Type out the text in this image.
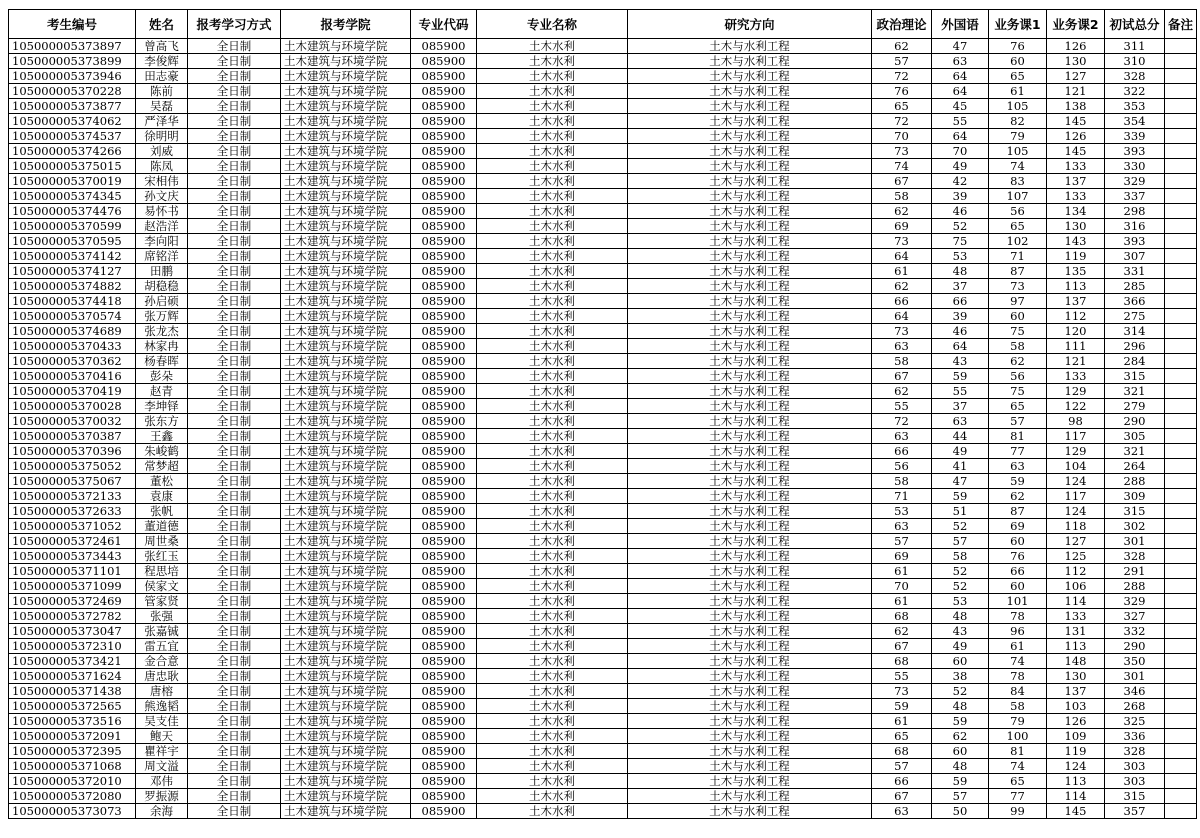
考生编号	姓名	报考学习方式	报考学院	专业代码	专业名称	研究方向	政治理论	外国语	业务课1	业务课2	初试总分	备注
105000005373897	曾高飞	全日制	土木建筑与环境学院	085900	土木水利	土木与水利工程	62	47	76	126	311	
105000005373899	李俊辉	全日制	土木建筑与环境学院	085900	土木水利	土木与水利工程	57	63	60	130	310	
105000005373946	田志豪	全日制	土木建筑与环境学院	085900	土木水利	土木与水利工程	72	64	65	127	328	
105000005370228	陈前	全日制	土木建筑与环境学院	085900	土木水利	土木与水利工程	76	64	61	121	322	
105000005373877	吴磊	全日制	土木建筑与环境学院	085900	土木水利	土木与水利工程	65	45	105	138	353	
105000005374062	严泽华	全日制	土木建筑与环境学院	085900	土木水利	土木与水利工程	72	55	82	145	354	
105000005374537	徐明明	全日制	土木建筑与环境学院	085900	土木水利	土木与水利工程	70	64	79	126	339	
105000005374266	刘威	全日制	土木建筑与环境学院	085900	土木水利	土木与水利工程	73	70	105	145	393	
105000005375015	陈凤	全日制	土木建筑与环境学院	085900	土木水利	土木与水利工程	74	49	74	133	330	
105000005370019	宋相伟	全日制	土木建筑与环境学院	085900	土木水利	土木与水利工程	67	42	83	137	329	
105000005374345	孙文庆	全日制	土木建筑与环境学院	085900	土木水利	土木与水利工程	58	39	107	133	337	
105000005374476	易怀书	全日制	土木建筑与环境学院	085900	土木水利	土木与水利工程	62	46	56	134	298	
105000005370599	赵浩洋	全日制	土木建筑与环境学院	085900	土木水利	土木与水利工程	69	52	65	130	316	
105000005370595	李向阳	全日制	土木建筑与环境学院	085900	土木水利	土木与水利工程	73	75	102	143	393	
105000005374142	席铭洋	全日制	土木建筑与环境学院	085900	土木水利	土木与水利工程	64	53	71	119	307	
105000005374127	田鹏	全日制	土木建筑与环境学院	085900	土木水利	土木与水利工程	61	48	87	135	331	
105000005374882	胡稳稳	全日制	土木建筑与环境学院	085900	土木水利	土木与水利工程	62	37	73	113	285	
105000005374418	孙启硕	全日制	土木建筑与环境学院	085900	土木水利	土木与水利工程	66	66	97	137	366	
105000005370574	张万辉	全日制	土木建筑与环境学院	085900	土木水利	土木与水利工程	64	39	60	112	275	
105000005374689	张龙杰	全日制	土木建筑与环境学院	085900	土木水利	土木与水利工程	73	46	75	120	314	
105000005370433	林家冉	全日制	土木建筑与环境学院	085900	土木水利	土木与水利工程	63	64	58	111	296	
105000005370362	杨春晖	全日制	土木建筑与环境学院	085900	土木水利	土木与水利工程	58	43	62	121	284	
105000005370416	彭朵	全日制	土木建筑与环境学院	085900	土木水利	土木与水利工程	67	59	56	133	315	
105000005370419	赵青	全日制	土木建筑与环境学院	085900	土木水利	土木与水利工程	62	55	75	129	321	
105000005370028	李坤铎	全日制	土木建筑与环境学院	085900	土木水利	土木与水利工程	55	37	65	122	279	
105000005370032	张东方	全日制	土木建筑与环境学院	085900	土木水利	土木与水利工程	72	63	57	98	290	
105000005370387	王鑫	全日制	土木建筑与环境学院	085900	土木水利	土木与水利工程	63	44	81	117	305	
105000005370396	朱峻鹤	全日制	土木建筑与环境学院	085900	土木水利	土木与水利工程	66	49	77	129	321	
105000005375052	常梦超	全日制	土木建筑与环境学院	085900	土木水利	土木与水利工程	56	41	63	104	264	
105000005375067	董松	全日制	土木建筑与环境学院	085900	土木水利	土木与水利工程	58	47	59	124	288	
105000005372133	袁康	全日制	土木建筑与环境学院	085900	土木水利	土木与水利工程	71	59	62	117	309	
105000005372633	张帆	全日制	土木建筑与环境学院	085900	土木水利	土木与水利工程	53	51	87	124	315	
105000005371052	董道德	全日制	土木建筑与环境学院	085900	土木水利	土木与水利工程	63	52	69	118	302	
105000005372461	周世桑	全日制	土木建筑与环境学院	085900	土木水利	土木与水利工程	57	57	60	127	301	
105000005373443	张红玉	全日制	土木建筑与环境学院	085900	土木水利	土木与水利工程	69	58	76	125	328	
105000005371101	程思培	全日制	土木建筑与环境学院	085900	土木水利	土木与水利工程	61	52	66	112	291	
105000005371099	侯家文	全日制	土木建筑与环境学院	085900	土木水利	土木与水利工程	70	52	60	106	288	
105000005372469	管家贤	全日制	土木建筑与环境学院	085900	土木水利	土木与水利工程	61	53	101	114	329	
105000005372782	张强	全日制	土木建筑与环境学院	085900	土木水利	土木与水利工程	68	48	78	133	327	
105000005373047	张嘉铖	全日制	土木建筑与环境学院	085900	土木水利	土木与水利工程	62	43	96	131	332	
105000005372310	雷五宜	全日制	土木建筑与环境学院	085900	土木水利	土木与水利工程	67	49	61	113	290	
105000005373421	金合意	全日制	土木建筑与环境学院	085900	土木水利	土木与水利工程	68	60	74	148	350	
105000005371624	唐忠耿	全日制	土木建筑与环境学院	085900	土木水利	土木与水利工程	55	38	78	130	301	
105000005371438	唐榕	全日制	土木建筑与环境学院	085900	土木水利	土木与水利工程	73	52	84	137	346	
105000005372565	熊逸韬	全日制	土木建筑与环境学院	085900	土木水利	土木与水利工程	59	48	58	103	268	
105000005373516	吴支佳	全日制	土木建筑与环境学院	085900	土木水利	土木与水利工程	61	59	79	126	325	
105000005372091	鲍天	全日制	土木建筑与环境学院	085900	土木水利	土木与水利工程	65	62	100	109	336	
105000005372395	瞿祥宇	全日制	土木建筑与环境学院	085900	土木水利	土木与水利工程	68	60	81	119	328	
105000005371068	周文溢	全日制	土木建筑与环境学院	085900	土木水利	土木与水利工程	57	48	74	124	303	
105000005372010	邓伟	全日制	土木建筑与环境学院	085900	土木水利	土木与水利工程	66	59	65	113	303	
105000005372080	罗振源	全日制	土木建筑与环境学院	085900	土木水利	土木与水利工程	67	57	77	114	315	
105000005373073	余海	全日制	土木建筑与环境学院	085900	土木水利	土木与水利工程	63	50	99	145	357	
